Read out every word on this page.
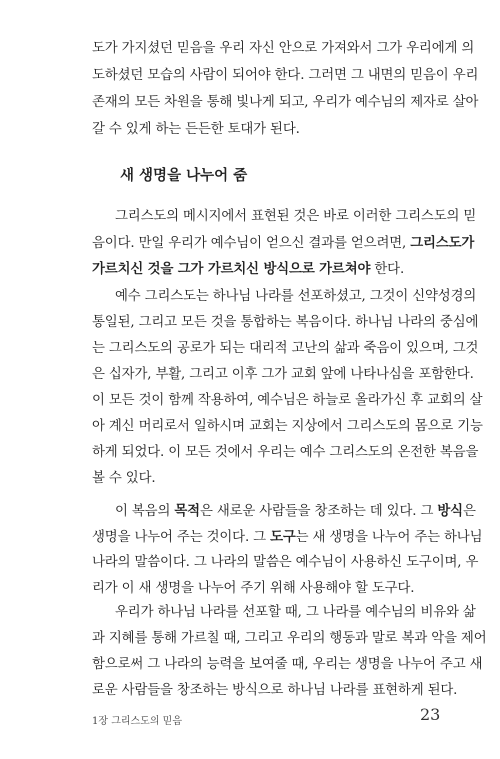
도가 가지셨던 믿음을 우리 자신 안으로 가져와서 그가 우리에게 의
도하셨던 모습의 사람이 되어야 한다. 그러면 그 내면의 믿음이 우리
존재의 모든 차원을 통해 빛나게 되고, 우리가 예수님의 제자로 살아
갈 수 있게 하는 든든한 토대가 된다.
새 생명을 나누어 줌
그리스도의 메시지에서 표현된 것은 바로 이러한 그리스도의 믿
음이다. 만일 우리가 예수님이 얻으신 결과를 얻으려면, 그리스도가
가르치신 것을 그가 가르치신 방식으로 가르쳐야 한다.
예수 그리스도는 하나님 나라를 선포하셨고, 그것이 신약성경의
통일된, 그리고 모든 것을 통합하는 복음이다. 하나님 나라의 중심에
는 그리스도의 공로가 되는 대리적 고난의 삶과 죽음이 있으며, 그것
은 십자가, 부활, 그리고 이후 그가 교회 앞에 나타나심을 포함한다.
이 모든 것이 함께 작용하여, 예수님은 하늘로 올라가신 후 교회의 살
아 계신 머리로서 일하시며 교회는 지상에서 그리스도의 몸으로 기능
하게 되었다. 이 모든 것에서 우리는 예수 그리스도의 온전한 복음을
볼 수 있다.
이 복음의 목적은 새로운 사람들을 창조하는 데 있다. 그 방식은
생명을 나누어 주는 것이다. 그 도구는 새 생명을 나누어 주는 하나님
나라의 말씀이다. 그 나라의 말씀은 예수님이 사용하신 도구이며, 우
리가 이 새 생명을 나누어 주기 위해 사용해야 할 도구다.
우리가 하나님 나라를 선포할 때, 그 나라를 예수님의 비유와 삶
과 지혜를 통해 가르칠 때, 그리고 우리의 행동과 말로 복과 악을 제어
1장 그리스도의 믿음	23
함으로써 그 나라의 능력을 보여줄 때, 우리는 생명을 나누어 주고 새
로운 사람들을 창조하는 방식으로 하나님 나라를 표현하게 된다.
